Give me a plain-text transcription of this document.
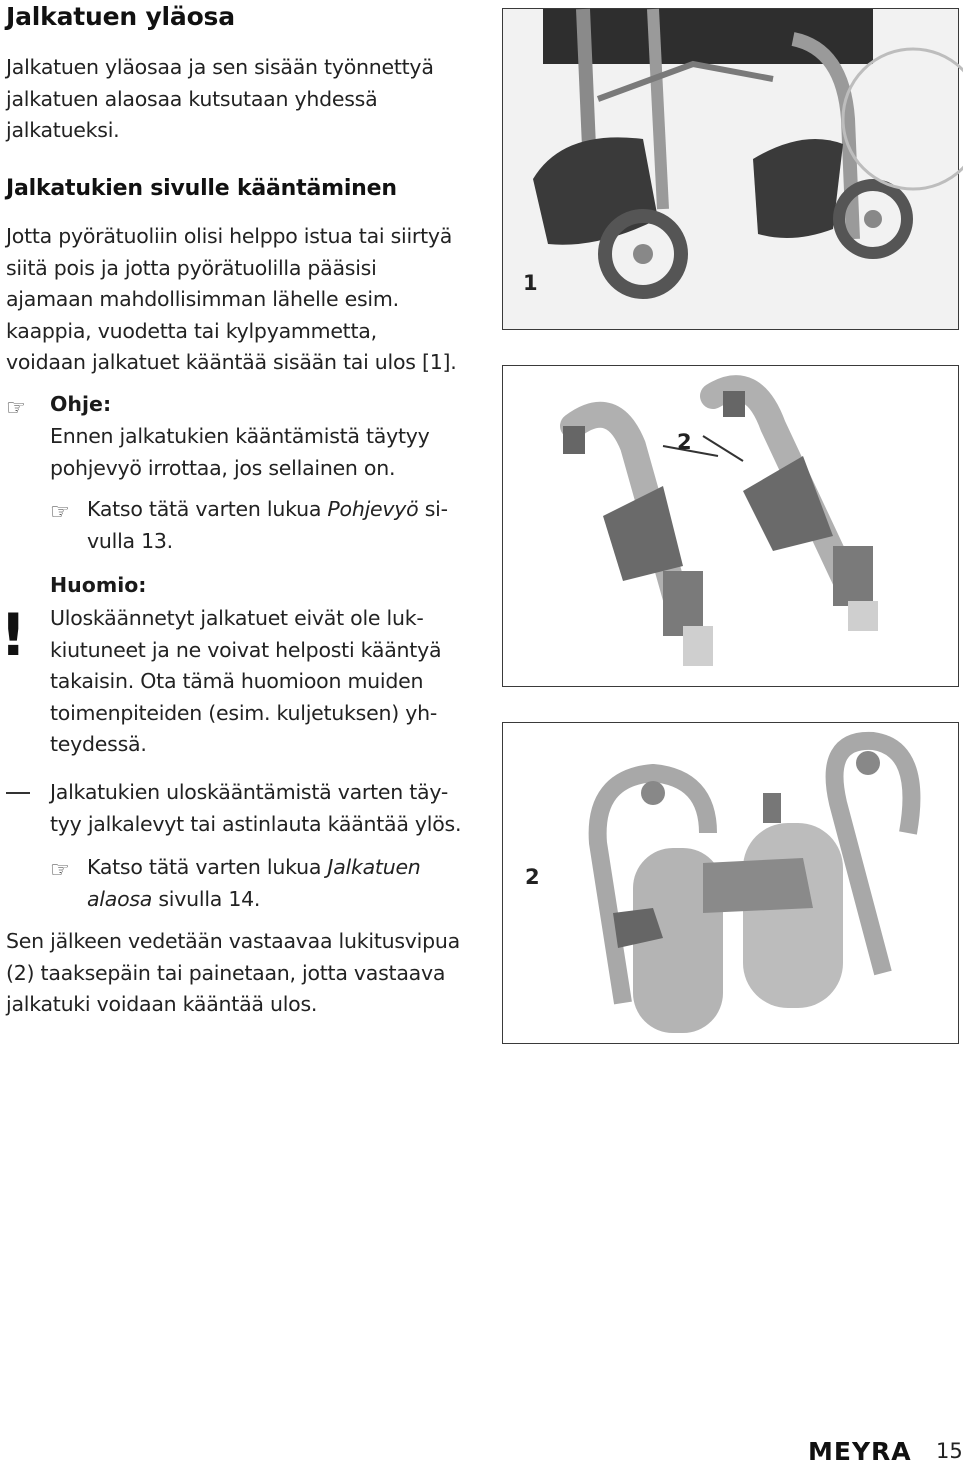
Jalkatuen yläosa
Jalkatuen yläosaa ja sen sisään työnnettyä jalkatuen alaosaa kutsutaan yhdessä jalkatueksi.
Jalkatukien sivulle kääntäminen
Jotta pyörätuoliin olisi helppo istua tai siirtyä siitä pois ja jotta pyörätuolilla pääsisi ajamaan mahdollisimman lähelle esim. kaappia, vuodetta tai kylpyammetta, voidaan jalkatuet kääntää sisään tai ulos [1].
☞ Ohje:
Ennen jalkatukien kääntämistä täytyy
pohjevyö irrottaa, jos sellainen on.
☞ Katso tätä varten lukua Pohjevyö si-
vulla 13.
!
Huomio:
Uloskäännetyt jalkatuet eivät ole luk-
kiutuneet ja ne voivat helposti kääntyä
takaisin. Ota tämä huomioon muiden
toimenpiteiden (esim. kuljetuksen) yh-
teydessä.
Jalkatukien uloskääntämistä varten täy-
tyy jalkalevyt tai astinlauta kääntää ylös.
☞ Katso tätä varten lukua Jalkatuen
alaosa sivulla 14.
Sen jälkeen vedetään vastaavaa lukitusvipua (2) taaksepäin tai painetaan, jotta vastaava jalkatuki voidaan kääntää ulos.
1
2
2
MEYRA 15
